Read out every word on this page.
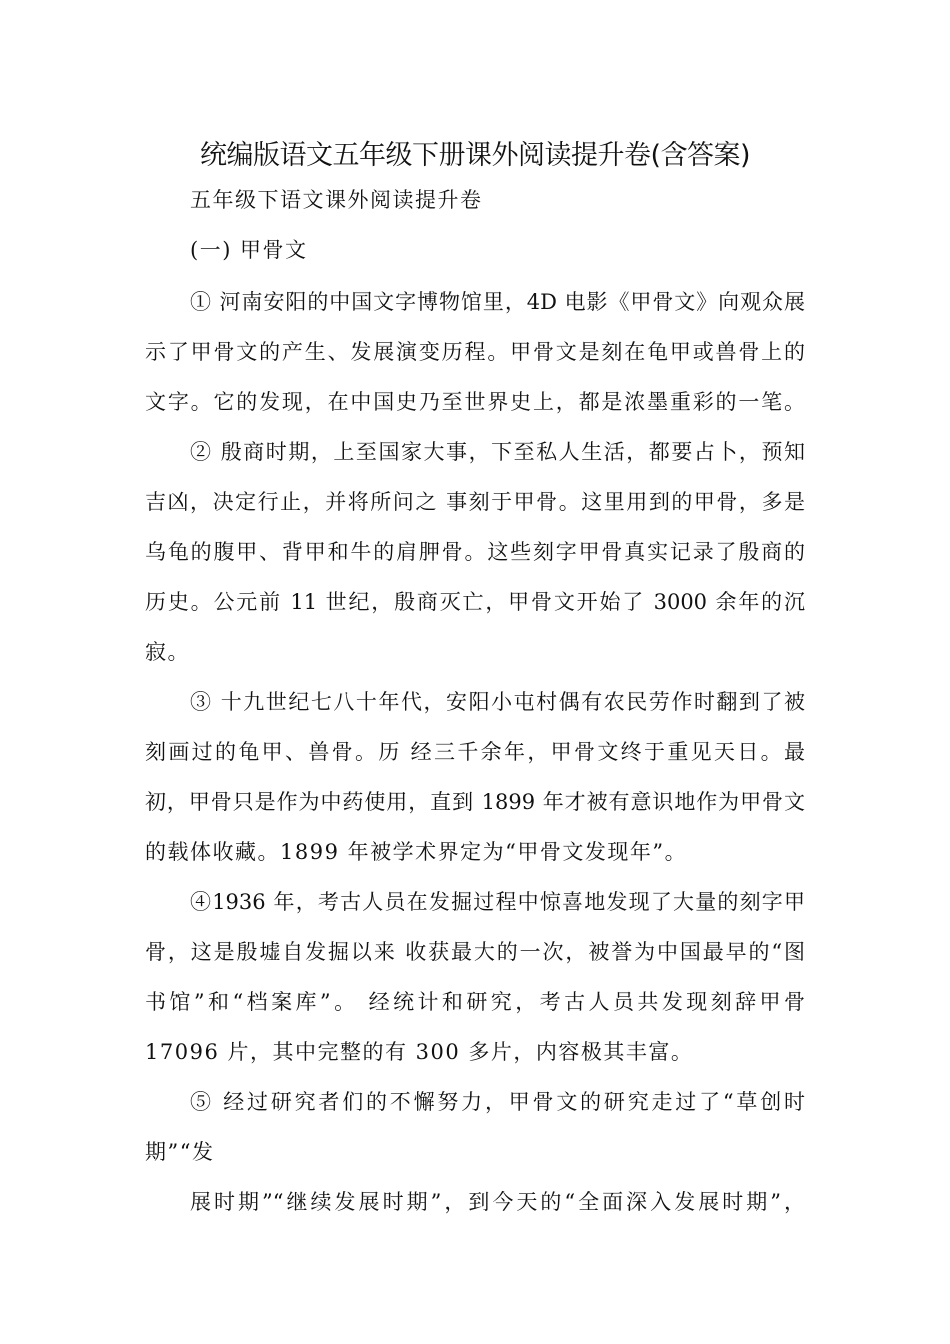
统编版语文五年级下册课外阅读提升卷(含答案)
五年级下语文课外阅读提升卷
(一) 甲骨文
① 河南安阳的中国文字博物馆里，4D 电影《甲骨文》向观众展
示了甲骨文的产生、发展演变历程。甲骨文是刻在龟甲或兽骨上的
文字。它的发现，在中国史乃至世界史上，都是浓墨重彩的一笔。
② 殷商时期，上至国家大事，下至私人生活，都要占卜，预知
吉凶，决定行止，并将所问之 事刻于甲骨。这里用到的甲骨，多是
乌龟的腹甲、背甲和牛的肩胛骨。这些刻字甲骨真实记录了殷商的
历史。公元前 11 世纪，殷商灭亡，甲骨文开始了 3000 余年的沉
寂。
③ 十九世纪七八十年代，安阳小屯村偶有农民劳作时翻到了被
刻画过的龟甲、兽骨。历 经三千余年，甲骨文终于重见天日。最
初，甲骨只是作为中药使用，直到 1899 年才被有意识地作为甲骨文
的载体收藏。1899 年被学术界定为“甲骨文发现年”。
④1936 年，考古人员在发掘过程中惊喜地发现了大量的刻字甲
骨，这是殷墟自发掘以来 收获最大的一次，被誉为中国最早的“图
书馆”和“档案库”。 经统计和研究，考古人员共发现刻辞甲骨
17096 片，其中完整的有 300 多片，内容极其丰富。
⑤ 经过研究者们的不懈努力，甲骨文的研究走过了“草创时
期”“发
展时期”“继续发展时期”，到今天的“全面深入发展时期”，
